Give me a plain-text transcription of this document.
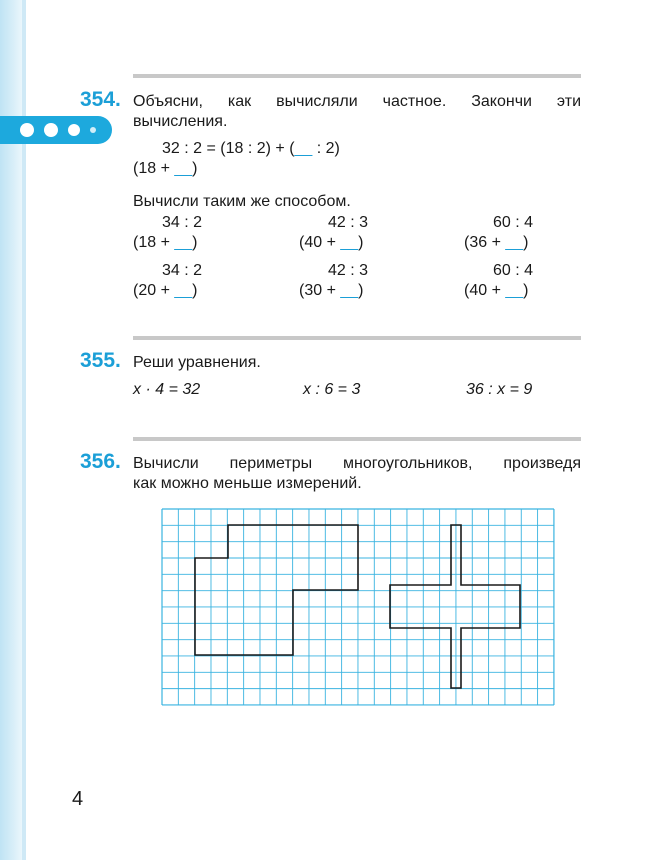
354. Объясни, как вычисляли частное. Закончи эти
вычисления.
32 : 2 = (18 : 2) + (__ : 2)
(18 + __)
Вычисли таким же способом.
34 : 2
(18 + __)
42 : 3
(40 + __)
60 : 4
(36 + __)
34 : 2
(20 + __)
42 : 3
(30 + __)
60 : 4
(40 + __)
355. Реши уравнения.
x · 4 = 32	x : 6 = 3	36 : x = 9
356. Вычисли периметры многоугольников, произведя
как можно меньше измерений.
4
